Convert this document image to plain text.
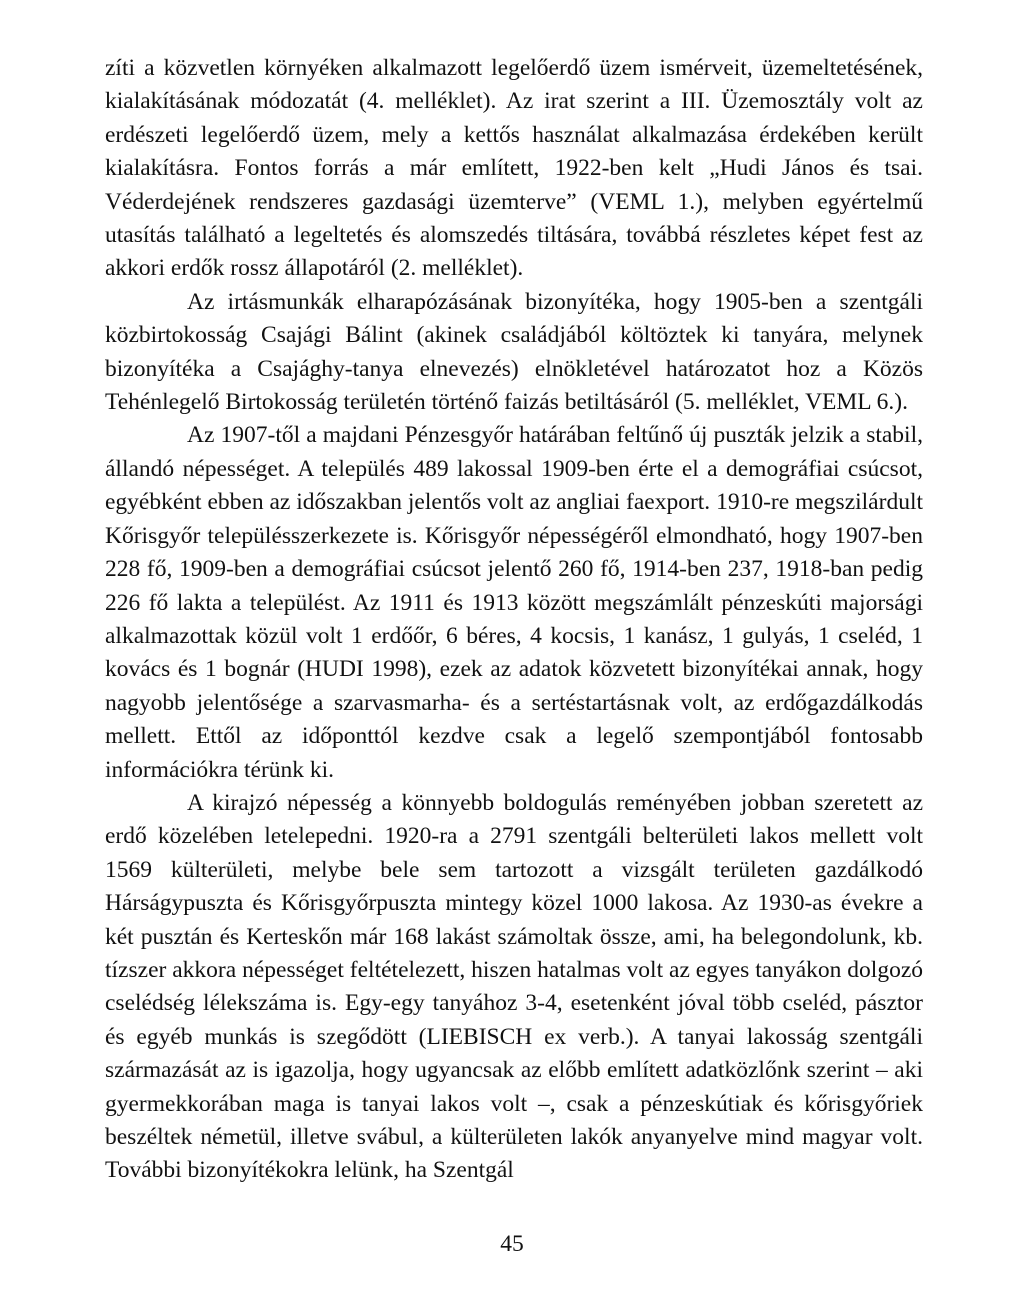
zíti a közvetlen környéken alkalmazott legelőerdő üzem ismérveit, üzemeltetésének, kialakításának módozatát (4. melléklet). Az irat szerint a III. Üzemosztály volt az erdészeti legelőerdő üzem, mely a kettős használat alkalmazása érdekében került kialakításra. Fontos forrás a már említett, 1922-ben kelt „Hudi János és tsai. Véderdejének rendszeres gazdasági üzemterve” (VEML 1.), melyben egyértelmű utasítás található a legeltetés és alomszedés tiltására, továbbá részletes képet fest az akkori erdők rossz állapotáról (2. melléklet).

Az irtásmunkák elharapózásának bizonyítéka, hogy 1905-ben a szentgáli közbirtokosság Csajági Bálint (akinek családjából költöztek ki tanyára, melynek bizonyítéka a Csajághy-tanya elnevezés) elnökletével határozatot hoz a Közös Tehénlegelő Birtokosság területén történő faizás betiltásáról (5. melléklet, VEML 6.).

Az 1907-től a majdani Pénzesgyőr határában feltűnő új puszták jelzik a stabil, állandó népességet. A település 489 lakossal 1909-ben érte el a demográfiai csúcsot, egyébként ebben az időszakban jelentős volt az angliai faexport. 1910-re megszilárdult Kőrisgyőr településszerkezete is. Kőrisgyőr népességéről elmondható, hogy 1907-ben 228 fő, 1909-ben a demográfiai csúcsot jelentő 260 fő, 1914-ben 237, 1918-ban pedig 226 fő lakta a települést. Az 1911 és 1913 között megszámlált pénzeskúti majorsági alkalmazottak közül volt 1 erdőőr, 6 béres, 4 kocsis, 1 kanász, 1 gulyás, 1 cseléd, 1 kovács és 1 bognár (HUDI 1998), ezek az adatok közvetett bizonyítékai annak, hogy nagyobb jelentősége a szarvasmarha- és a sertéstartásnak volt, az erdőgazdálkodás mellett. Ettől az időponttól kezdve csak a legelő szempontjából fontosabb információkra térünk ki.

A kirajzó népesség a könnyebb boldogulás reményében jobban szeretett az erdő közelében letelepedni. 1920-ra a 2791 szentgáli belterületi lakos mellett volt 1569 külterületi, melybe bele sem tartozott a vizsgált területen gazdálkodó Hárságypuszta és Kőrisgyőrpuszta mintegy közel 1000 lakosa. Az 1930-as évekre a két pusztán és Kerteskőn már 168 lakást számoltak össze, ami, ha belegondolunk, kb. tízszer akkora népességet feltételezett, hiszen hatalmas volt az egyes tanyákon dolgozó cselédség lélekszáma is. Egy-egy tanyához 3-4, esetenként jóval több cseléd, pásztor és egyéb munkás is szegődött (LIEBISCH ex verb.). A tanyai lakosság szentgáli származását az is igazolja, hogy ugyancsak az előbb említett adatközlőnk szerint – aki gyermekkorában maga is tanyai lakos volt –, csak a pénzeskútiak és kőrisgyőriek beszéltek németül, illetve svábul, a külterületen lakók anyanyelve mind magyar volt. További bizonyítékokra lelünk, ha Szentgál

45
